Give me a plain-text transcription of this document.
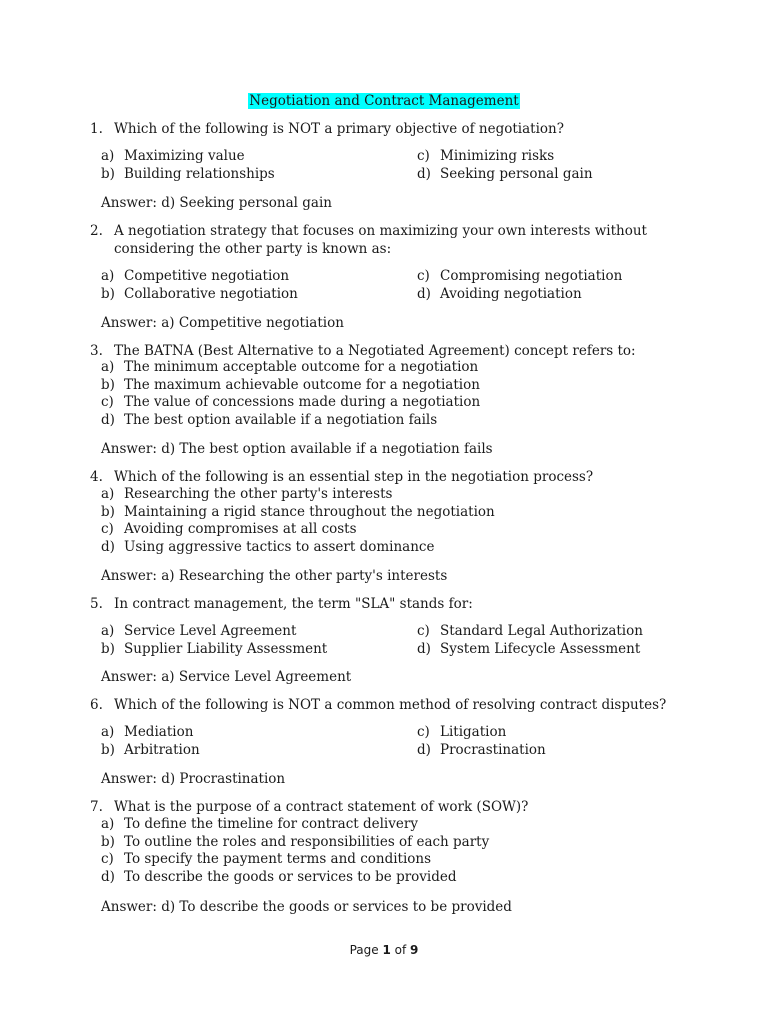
Negotiation and Contract Management
1. Which of the following is NOT a primary objective of negotiation?
a) Maximizing value	c) Minimizing risks
b) Building relationships	d) Seeking personal gain
Answer: d) Seeking personal gain
2. A negotiation strategy that focuses on maximizing your own interests without considering the other party is known as:
a) Competitive negotiation	c) Compromising negotiation
b) Collaborative negotiation	d) Avoiding negotiation
Answer: a) Competitive negotiation
3. The BATNA (Best Alternative to a Negotiated Agreement) concept refers to:
a) The minimum acceptable outcome for a negotiation
b) The maximum achievable outcome for a negotiation
c) The value of concessions made during a negotiation
d) The best option available if a negotiation fails
Answer: d) The best option available if a negotiation fails
4. Which of the following is an essential step in the negotiation process?
a) Researching the other party's interests
b) Maintaining a rigid stance throughout the negotiation
c) Avoiding compromises at all costs
d) Using aggressive tactics to assert dominance
Answer: a) Researching the other party's interests
5. In contract management, the term "SLA" stands for:
a) Service Level Agreement	c) Standard Legal Authorization
b) Supplier Liability Assessment	d) System Lifecycle Assessment
Answer: a) Service Level Agreement
6. Which of the following is NOT a common method of resolving contract disputes?
a) Mediation	c) Litigation
b) Arbitration	d) Procrastination
Answer: d) Procrastination
7. What is the purpose of a contract statement of work (SOW)?
a) To define the timeline for contract delivery
b) To outline the roles and responsibilities of each party
c) To specify the payment terms and conditions
d) To describe the goods or services to be provided
Answer: d) To describe the goods or services to be provided
Page 1 of 9
